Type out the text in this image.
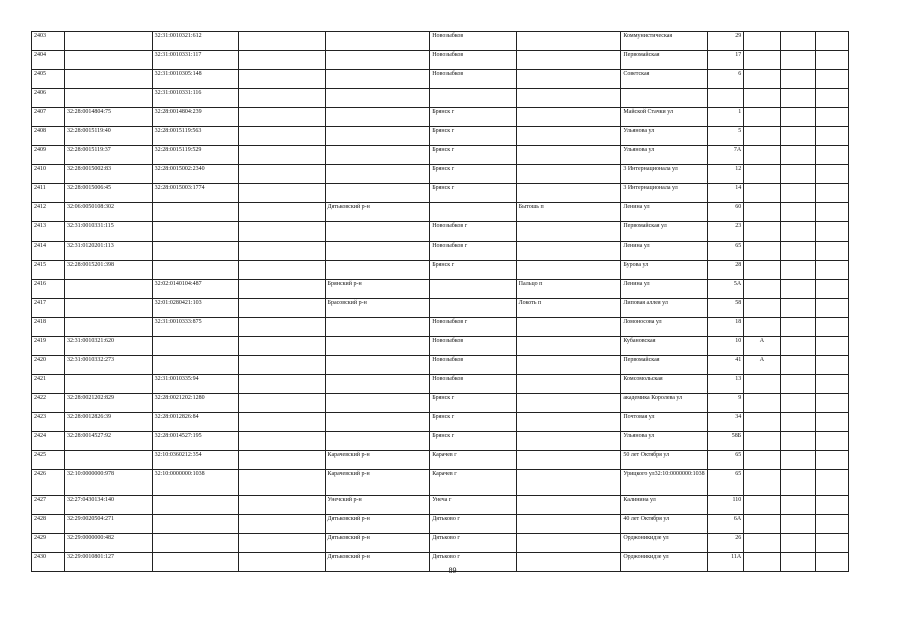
2403		32:31:0010321:612			Новозыбков		Коммунистическая	29			
2404		32:31:0010331:117			Новозыбков		Первомайская	17			
2405		32:31:0010305:148			Новозыбков		Советская	6			
2406		32:31:0010331:116									
2407	32:28:0014804:75	32:28:0014804:239			Брянск г		Майской Стачки ул	1			
2408	32:28:0015119:40	32:28:0015119:563			Брянск г		Ульянова ул	5			
2409	32:28:0015119:37	32:28:0015119:529			Брянск г		Ульянова ул	7А			
2410	32:28:0015002:83	32:28:0015002:2340			Брянск г		3 Интернационала ул	12			
2411	32:28:0015006:45	32:28:0015003:1774			Брянск г		3 Интернационала ул	14			
2412	32:06:0050108:302			Дятьковский р-н		Бытошь п	Ленина ул	60			
2413	32:31:0010331:115				Новозыбков г		Первомайская ул	23			
2414	32:31:0120201:113				Новозыбков г		Ленина ул	65			
2415	32:28:0015201:398				Брянск г		Бурова ул	28			
2416		32:02:0140104:487		Брянский р-н		Пальцо п	Ленина ул	5А			
2417		32:01:0280421:103		Брасовский р-н		Локоть п	Липовая аллея ул	58			
2418		32:31:0010333:875			Новозыбков г		Ломоносова ул	18			
2419	32:31:0010321:620				Новозыбков		Кубановская	10	А		
2420	32:31:0010332:273				Новозыбков		Первомайская	41	А		
2421		32:31:0010335:94			Новозыбков		Комсомольская	13			
2422	32:28:0021202:829	32:28:0021202:1280			Брянск г		академика Королева ул	9			
2423	32:28:0012826:39	32:28:0012826:84			Брянск г		Почтовая ул	34			
2424	32:28:0014527:92	32:28:0014527:195			Брянск г		Ульянова ул	58Б			
2425		32:10:0360212:354		Карачевский р-н	Карачев г		50 лет Октября ул	65			
2426	32:10:0000000:978	32:10:0000000:1038		Карачевский р-н	Карачев г		Урицкого ул32:10:0000000:1038	65			
2427	32:27:0430134:140			Унечский р-н	Унеча г		Калинина ул	110			
2428	32:29:0020504:271			Дятьковский р-н	Дятьково г		40 лет Октября ул	6А			
2429	32:29:0000000:482			Дятьковский р-н	Дятьково г		Орджоникидзе ул	26			
2430	32:29:0010801:127			Дятьковский р-н	Дятьково г		Орджоникидзе ул	11А			
89
